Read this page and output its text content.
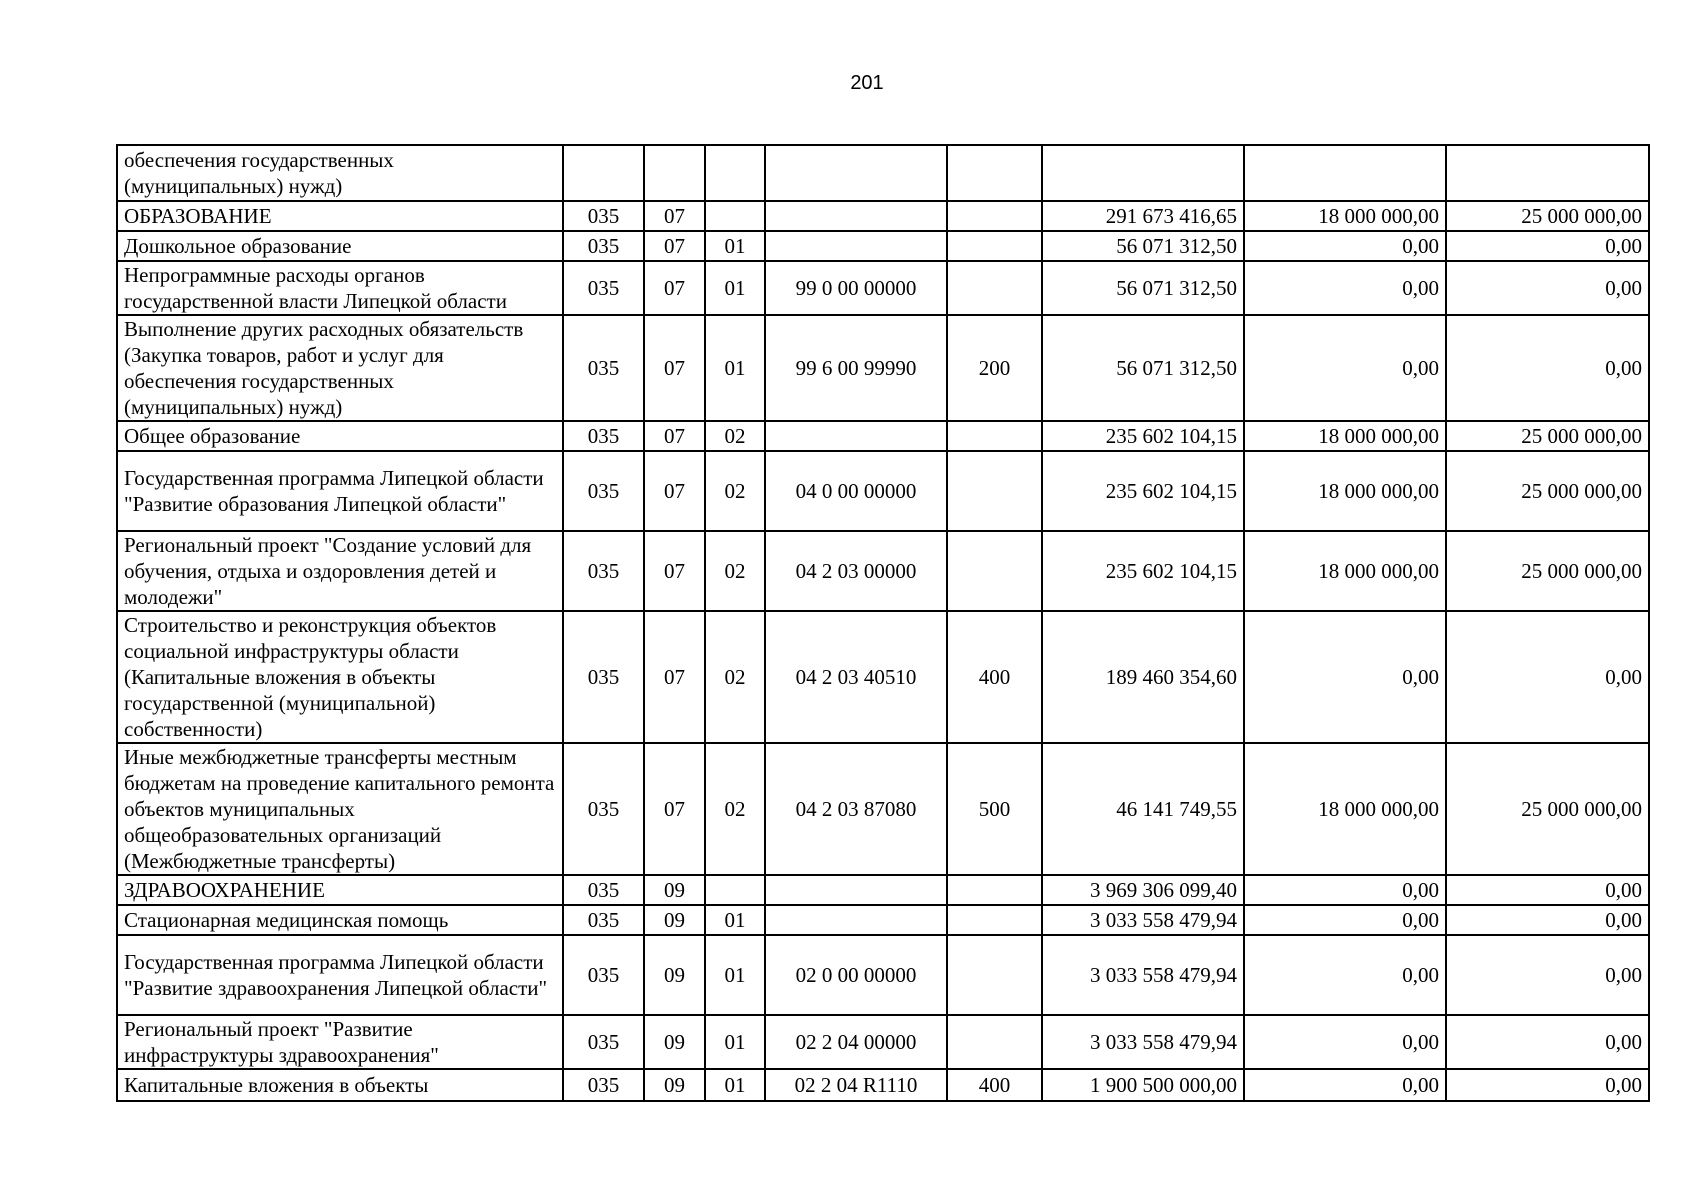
201
обеспечения государственных (муниципальных) нужд)								
ОБРАЗОВАНИЕ	035	07				291 673 416,65	18 000 000,00	25 000 000,00
Дошкольное образование	035	07	01			56 071 312,50	0,00	0,00
Непрограммные расходы органов государственной власти Липецкой области	035	07	01	99 0 00 00000		56 071 312,50	0,00	0,00
Выполнение других расходных обязательств (Закупка товаров, работ и услуг для обеспечения государственных (муниципальных) нужд)	035	07	01	99 6 00 99990	200	56 071 312,50	0,00	0,00
Общее образование	035	07	02			235 602 104,15	18 000 000,00	25 000 000,00
Государственная программа Липецкой области "Развитие образования Липецкой области"	035	07	02	04 0 00 00000		235 602 104,15	18 000 000,00	25 000 000,00
Региональный проект "Создание условий для обучения, отдыха и оздоровления детей и молодежи"	035	07	02	04 2 03 00000		235 602 104,15	18 000 000,00	25 000 000,00
Строительство и реконструкция объектов социальной инфраструктуры области (Капитальные вложения в объекты государственной (муниципальной) собственности)	035	07	02	04 2 03 40510	400	189 460 354,60	0,00	0,00
Иные межбюджетные трансферты местным бюджетам на проведение капитального ремонта объектов муниципальных общеобразовательных организаций (Межбюджетные трансферты)	035	07	02	04 2 03 87080	500	46 141 749,55	18 000 000,00	25 000 000,00
ЗДРАВООХРАНЕНИЕ	035	09				3 969 306 099,40	0,00	0,00
Стационарная медицинская помощь	035	09	01			3 033 558 479,94	0,00	0,00
Государственная программа Липецкой области "Развитие здравоохранения Липецкой области"	035	09	01	02 0 00 00000		3 033 558 479,94	0,00	0,00
Региональный проект "Развитие инфраструктуры здравоохранения"	035	09	01	02 2 04 00000		3 033 558 479,94	0,00	0,00
Капитальные вложения в объекты	035	09	01	02 2 04 R1110	400	1 900 500 000,00	0,00	0,00
